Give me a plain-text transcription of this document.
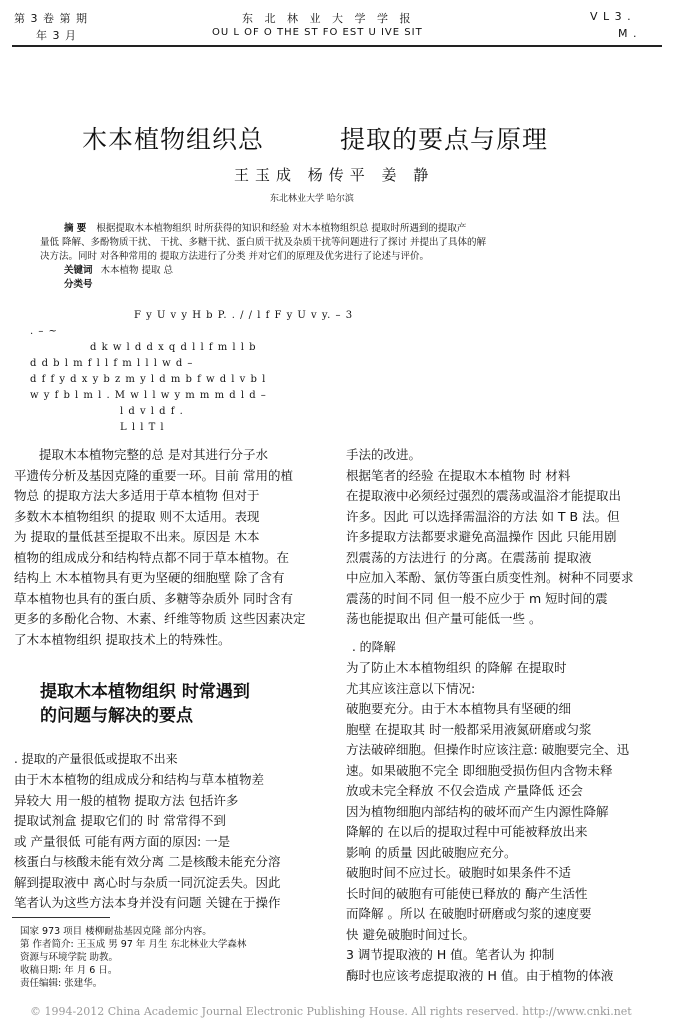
第 3 卷 第 期
年 3 月
东 北 林 业 大 学 学 报
OU L OF O THE ST FO EST U IVE SIT
V L 3 .
M .
木本植物组织总	提取的要点与原理
王玉成 杨传平 姜 静
东北林业大学 哈尔滨
摘 要 根据提取木本植物组织 时所获得的知识和经验 对木本植物组织总 提取时所遇到的提取产
量低 降解、多酚物质干扰、 干扰、多糖干扰、蛋白质干扰及杂质干扰等问题进行了探讨 并提出了具体的解
决方法。同时 对各种常用的 提取方法进行了分类 并对它们的原理及优劣进行了论述与评价。
关键词 木本植物 提取 总
分类号
F y U v y H b P. . / / l f F y U v y. – 3
. – ~
d k w l d d x q d l l f m l l b
d d b l m f l l f m l l l w d –
d f f y d x y b z m y l d m b f w d l v b l
w y f b l m l . M w l l w y m m m d l d –
l d v l d f .
L l l T l

提取木本植物完整的总 是对其进行分子水

平遗传分析及基因克隆的重要一环。目前 常用的植

物总 的提取方法大多适用于草本植物 但对于

多数木本植物组织 的提取 则不太适用。表现

为 提取的量低甚至提取不出来。原因是 木本

植物的组成成分和结构特点都不同于草本植物。在

结构上 木本植物具有更为坚硬的细胞壁 除了含有

草本植物也具有的蛋白质、多糖等杂质外 同时含有

更多的多酚化合物、木素、纤维等物质 这些因素决定

了木本植物组织 提取技术上的特殊性。

提取木本植物组织 时常遇到
的问题与解决的要点
. 提取的产量很低或提取不出来

由于木本植物的组成成分和结构与草本植物差

异较大 用一般的植物 提取方法 包括许多

提取试剂盒 提取它们的 时 常常得不到

或 产量很低 可能有两方面的原因: 一是

核蛋白与核酸未能有效分离 二是核酸未能充分溶

解到提取液中 离心时与杂质一同沉淀丢失。因此

笔者认为这些方法本身并没有问题 关键在于操作

国家 973 项目 楼柳耐盐基因克隆 部分内容。
第 作者简介: 王玉成 男 97 年 月生 东北林业大学森林
资源与环境学院 助教。
收稿日期: 年 月 6 日。
责任编辑: 张建华。

手法的改进。

根据笔者的经验 在提取木本植物 时 材料

在提取液中必须经过强烈的震荡或温浴才能提取出

许多。因此 可以选择需温浴的方法 如 T B 法。但

许多提取方法都要求避免高温操作 因此 只能用剧

烈震荡的方法进行 的分离。在震荡前 提取液

中应加入苯酚、氯仿等蛋白质变性剂。树种不同要求

震荡的时间不同 但一般不应少于 m 短时间的震

荡也能提取出 但产量可能低一些 。

. 的降解

为了防止木本植物组织 的降解 在提取时

尤其应该注意以下情况:

破胞要充分。由于木本植物具有坚硬的细

胞壁 在提取其 时一般都采用液氮研磨或匀浆

方法破碎细胞。但操作时应该注意: 破胞要完全、迅

速。如果破胞不完全 即细胞受损伤但内含物未释

放或未完全释放 不仅会造成 产量降低 还会

因为植物细胞内部结构的破坏而产生内源性降解

降解的 在以后的提取过程中可能被释放出来

影响 的质量 因此破胞应充分。

破胞时间不应过长。破胞时如果条件不适

长时间的破胞有可能使已释放的 酶产生活性

而降解 。所以 在破胞时研磨或匀浆的速度要

快 避免破胞时间过长。

3 调节提取液的 H 值。笔者认为 抑制

酶时也应该考虑提取液的 H 值。由于植物的体液

© 1994-2012 China Academic Journal Electronic Publishing House. All rights reserved. http://www.cnki.net
